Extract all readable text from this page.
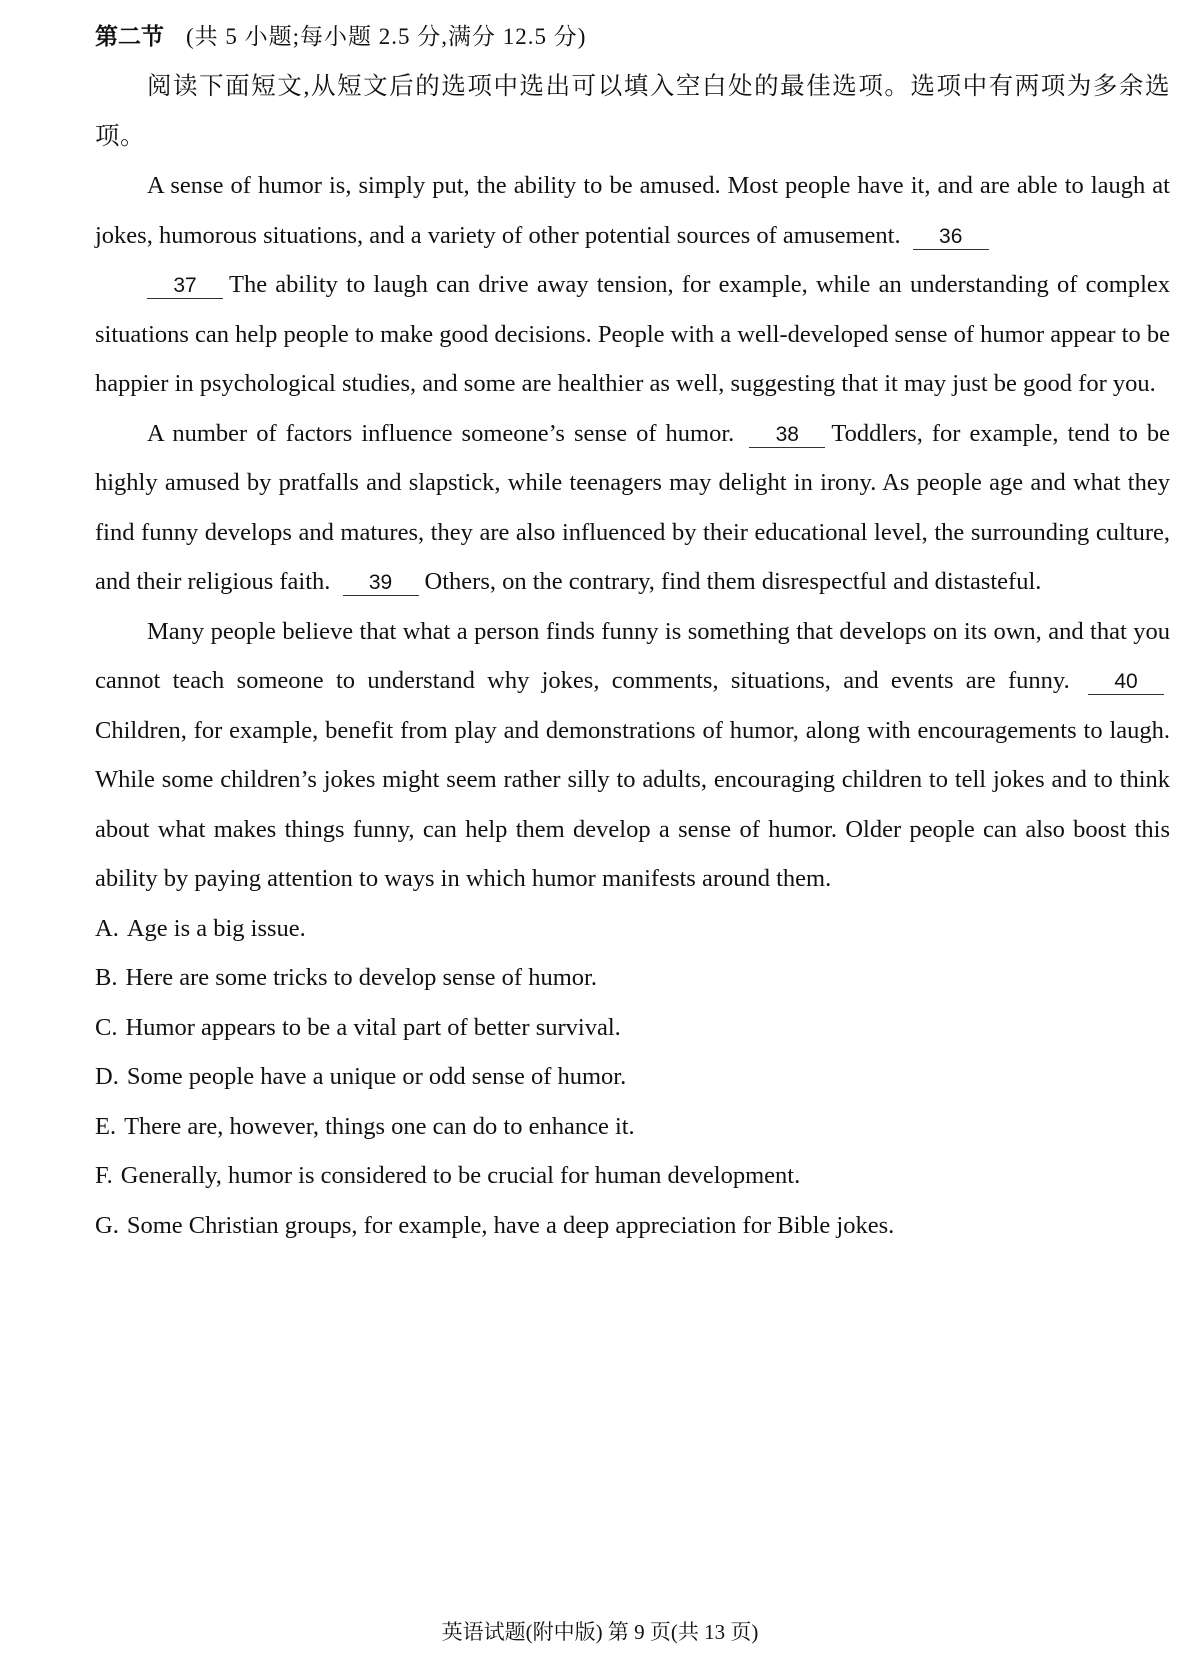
第二节 (共 5 小题;每小题 2.5 分,满分 12.5 分)

阅读下面短文,从短文后的选项中选出可以填入空白处的最佳选项。选项中有两项为多余选项。

A sense of humor is, simply put, the ability to be amused. Most people have it, and are able to laugh at jokes, humorous situations, and a variety of other potential sources of amusement. 36

37 The ability to laugh can drive away tension, for example, while an understanding of complex situations can help people to make good decisions. People with a well-developed sense of humor appear to be happier in psychological studies, and some are healthier as well, suggesting that it may just be good for you.

A number of factors influence someone’s sense of humor. 38 Toddlers, for example, tend to be highly amused by pratfalls and slapstick, while teenagers may delight in irony. As people age and what they find funny develops and matures, they are also influenced by their educational level, the surrounding culture, and their religious faith. 39 Others, on the contrary, find them disrespectful and distasteful.

Many people believe that what a person finds funny is something that develops on its own, and that you cannot teach someone to understand why jokes, comments, situations, and events are funny. 40Children, for example, benefit from play and demonstrations of humor, along with encouragements to laugh. While some children’s jokes might seem rather silly to adults, encouraging children to tell jokes and to think about what makes things funny, can help them develop a sense of humor. Older people can also boost this ability by paying attention to ways in which humor manifests around them.

A. Age is a big issue.
B. Here are some tricks to develop sense of humor.
C. Humor appears to be a vital part of better survival.
D. Some people have a unique or odd sense of humor.
E. There are, however, things one can do to enhance it.
F. Generally, humor is considered to be crucial for human development.
G. Some Christian groups, for example, have a deep appreciation for Bible jokes.
英语试题(附中版) 第 9 页(共 13 页)
